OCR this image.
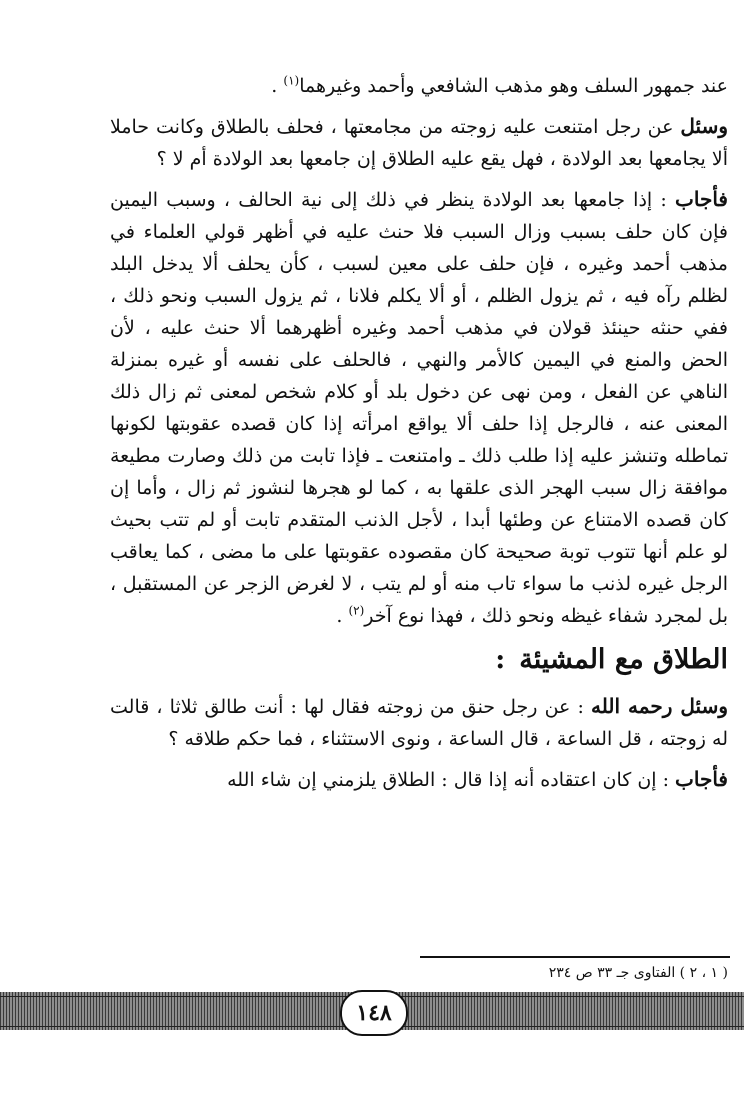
عند جمهور السلف وهو مذهب الشافعي وأحمد وغيرهما$^{(١)}$ .

وسئل عن رجل امتنعت عليه زوجته من مجامعتها ، فحلف بالطلاق وكانت حاملا ألا يجامعها بعد الولادة ، فهل يقع عليه الطلاق إن جامعها بعد الولادة أم لا ؟

فأجاب : إذا جامعها بعد الولادة ينظر في ذلك إلى نية الحالف ، وسبب اليمين فإن كان حلف بسبب وزال السبب فلا حنث عليه في أظهر قولي العلماء في مذهب أحمد وغيره ، فإن حلف على معين لسبب ، كأن يحلف ألا يدخل البلد لظلم رآه فيه ، ثم يزول الظلم ، أو ألا يكلم فلانا ، ثم يزول السبب ونحو ذلك ، ففي حنثه حينئذ قولان في مذهب أحمد وغيره أظهرهما ألا حنث عليه ، لأن الحض والمنع في اليمين كالأمر والنهي ، فالحلف على نفسه أو غيره بمنزلة الناهي عن الفعل ، ومن نهى عن دخول بلد أو كلام شخص لمعنى ثم زال ذلك المعنى عنه ، فالرجل إذا حلف ألا يواقع امرأته إذا كان قصده عقوبتها لكونها تماطله وتنشز عليه إذا طلب ذلك ـ وامتنعت ـ فإذا تابت من ذلك وصارت مطيعة موافقة زال سبب الهجر الذى علقها به ، كما لو هجرها لنشوز ثم زال ، وأما إن كان قصده الامتناع عن وطئها أبدا ، لأجل الذنب المتقدم تابت أو لم تتب بحيث لو علم أنها تتوب توبة صحيحة كان مقصوده عقوبتها على ما مضى ، كما يعاقب الرجل غيره لذنب ما سواء تاب منه أو لم يتب ، لا لغرض الزجر عن المستقبل ، بل لمجرد شفاء غيظه ونحو ذلك ، فهذا نوع آخر$^{(٢)}$ .

الطلاق مع المشيئة:

وسئل رحمه الله : عن رجل حنق من زوجته فقال لها : أنت طالق ثلاثا ، قالت له زوجته ، قل الساعة ، قال الساعة ، ونوى الاستثناء ، فما حكم طلاقه ؟

فأجاب : إن كان اعتقاده أنه إذا قال : الطلاق يلزمني إن شاء الله

( ١ ، ٢ ) الفتاوى جـ ٣٣ ص ٢٣٤
١٤٨
